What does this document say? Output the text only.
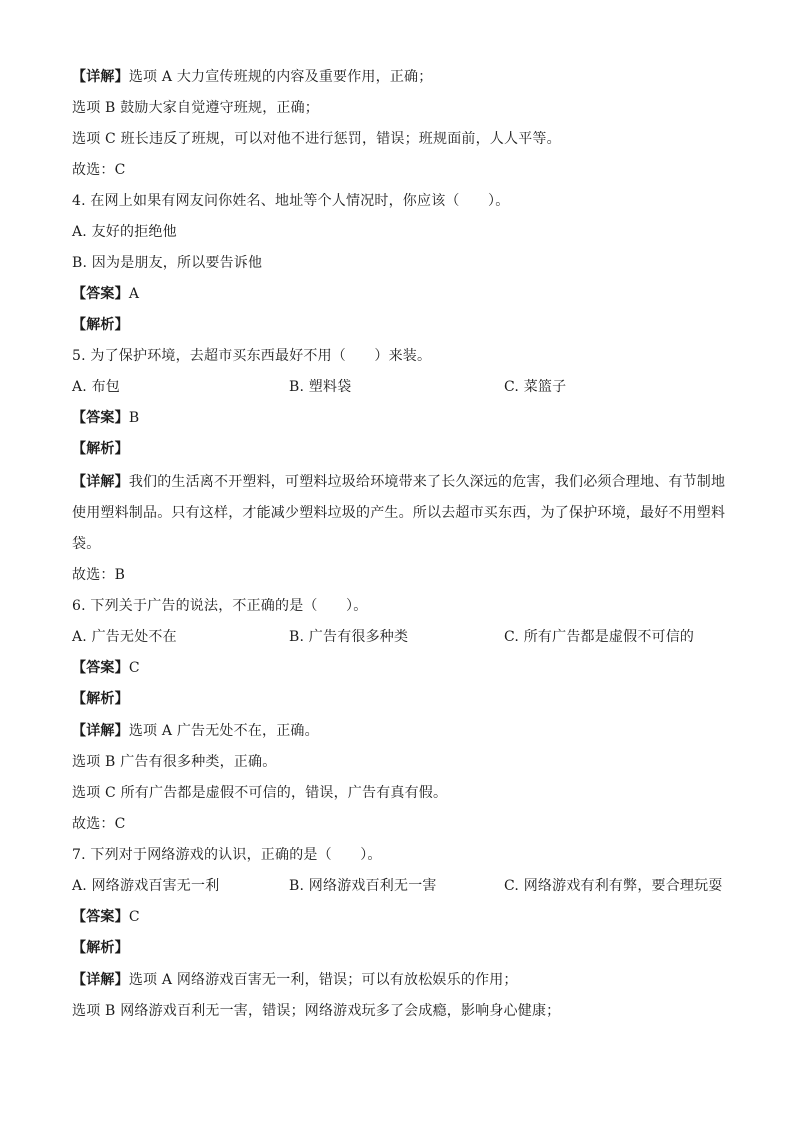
【详解】选项 A 大力宣传班规的内容及重要作用，正确；
选项 B 鼓励大家自觉遵守班规，正确；
选项 C 班长违反了班规，可以对他不进行惩罚，错误；班规面前，人人平等。
故选：C
4. 在网上如果有网友问你姓名、地址等个人情况时，你应该（　　）。
A. 友好的拒绝他
B. 因为是朋友，所以要告诉他
【答案】A
【解析】
5. 为了保护环境，去超市买东西最好不用（　　）来装。
A. 布包	B. 塑料袋	C. 菜篮子
【答案】B
【解析】
【详解】我们的生活离不开塑料，可塑料垃圾给环境带来了长久深远的危害，我们必须合理地、有节制地
使用塑料制品。只有这样，才能减少塑料垃圾的产生。所以去超市买东西，为了保护环境，最好不用塑料
袋。
故选：B
6. 下列关于广告的说法，不正确的是（　　）。
A. 广告无处不在	B. 广告有很多种类	C. 所有广告都是虚假不可信的
【答案】C
【解析】
【详解】选项 A 广告无处不在，正确。
选项 B 广告有很多种类，正确。
选项 C 所有广告都是虚假不可信的，错误，广告有真有假。
故选：C
7. 下列对于网络游戏的认识，正确的是（　　）。
A. 网络游戏百害无一利	B. 网络游戏百利无一害	C. 网络游戏有利有弊，要合理玩耍
【答案】C
【解析】
【详解】选项 A 网络游戏百害无一利，错误；可以有放松娱乐的作用；
选项 B 网络游戏百利无一害，错误；网络游戏玩多了会成瘾，影响身心健康；
